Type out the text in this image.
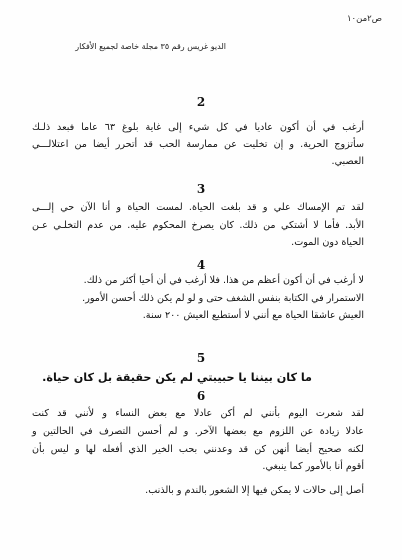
ص٢من١٠
الديو غريس رقم ٣٥ مجلة خاصة لجميع الأفكار
2
أرغب في أن أكون عاديا في كل شيء إلى غاية بلوغ ٦٣ عاما فبعد ذلـك
سأتزوج الحرية. و إن تخليت عن ممارسة الحب قد أتحرر أيضا من اعتلالـــي
العصبي.
3
لقد تم الإمساك علي و قد بلغت الحياة. لمست الحياة و أنا الآن حي إلـــى
الأبد. فأما لا أشتكي من ذلك. كان يصرخ المحكوم عليه. من عدم التخلـي عـن
الحياة دون الموت.
4
لا أرغب في أن أكون أعظم من هذا. فلا أرغب في أن أحيا أكثر من ذلك.
الاستمرار في الكتابة بنفس الشغف حتى و لو لم يكن ذلك أحسن الأمور.
العيش عاشقا الحياة مع أنني لا أستطيع العيش ٢٠٠ سنة.
5
ما كان بيننا يا حبيبتي لم يكن حقيقة بل كان حياة.
6
لقد شعرت اليوم بأنني لم أكن عادلا مع بعض النساء و لأنني قد كنت
عادلا زيادة عن اللزوم مع بعضها الآخر. و لم أحسن التصرف في الحالتين و
لكنه صحيح أيضا أنهن كن قد وعدنني بحب الخير الذي أفعله لها و ليس بأن
أقوم أنا بالأمور كما ينبغي.
أصل إلى حالات لا يمكن فيها إلا الشعور بالندم و بالذنب.
